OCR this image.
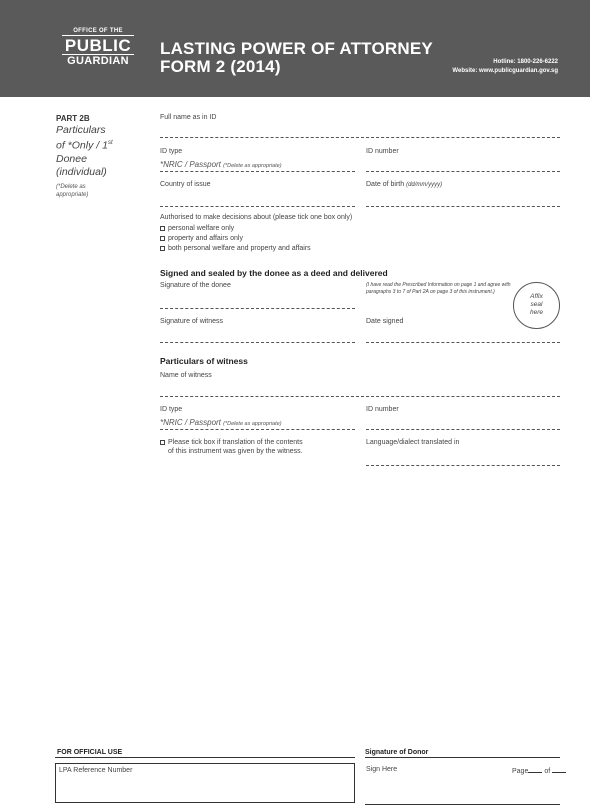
OFFICE OF THE
PUBLIC
GUARDIAN
LASTING POWER OF ATTORNEY
FORM 2 (2014)	Hotline: 1800-226-6222
Website: www.publicguardian.gov.sg
PART 2B
Particulars
of *Only / 1st
Donee
(individual)
(*Delete as appropriate)
Full name as in ID
ID type
*NRIC / Passport (*Delete as appropriate)
ID number
Country of issue	Date of birth (dd/mm/yyyy)
Authorised to make decisions about (please tick one box only)
personal welfare only
property and affairs only
both personal welfare and property and affairs
Signed and sealed by the donee as a deed and delivered
Signature of the donee	(I have read the Prescribed Information on page 1 and agree with paragraphs 3 to 7 of Part 2A on page 3 of this instrument.)
Affix
seal
here
Signature of witness	Date signed
Particulars of witness
Name of witness
ID type
*NRIC / Passport (*Delete as appropriate)
ID number
Please tick box if translation of the contents
of this instrument was given by the witness.
Language/dialect translated in
FOR OFFICIAL USE	Signature of Donor
LPA Reference Number	Sign Here	Page of
